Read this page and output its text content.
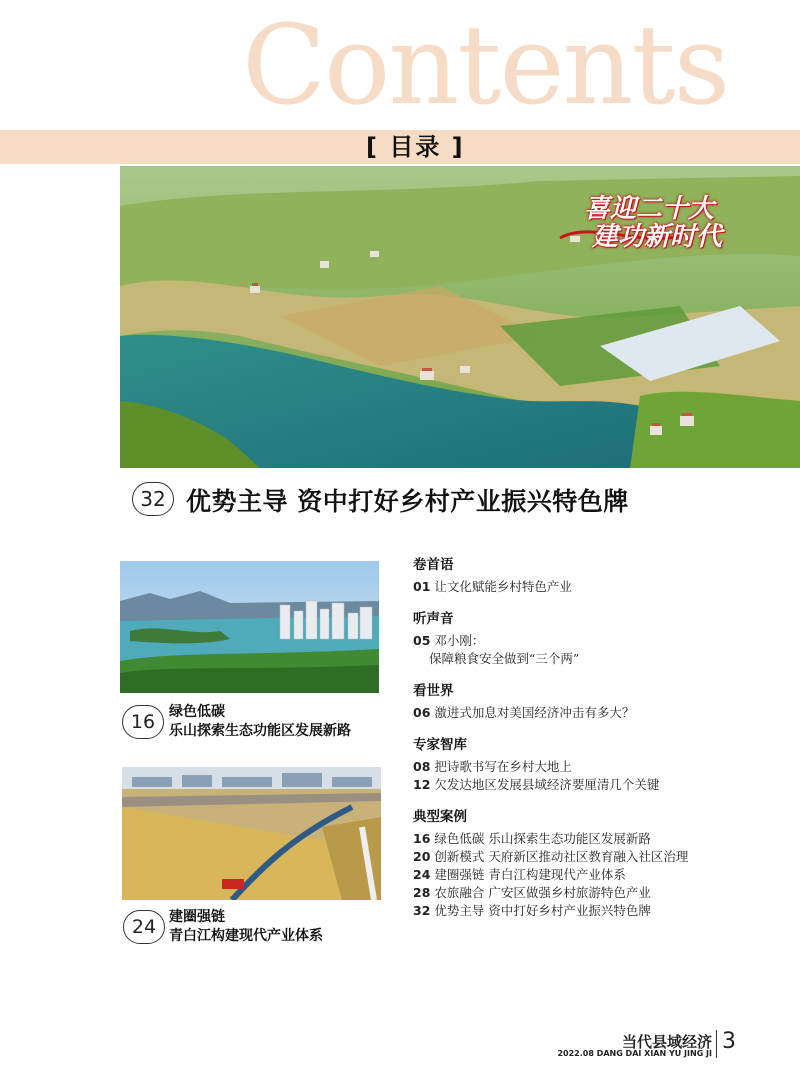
Contents
[ 目录 ]
喜迎二十大
建功新时代
32 优势主导 资中打好乡村产业振兴特色牌
16 绿色低碳
乐山探索生态功能区发展新路
24 建圈强链
青白江构建现代产业体系
卷首语
01 让文化赋能乡村特色产业
听声音
05 邓小刚：
保障粮食安全做到“三个两”
看世界
06 激进式加息对美国经济冲击有多大？
专家智库
08 把诗歌书写在乡村大地上
12 欠发达地区发展县域经济要厘清几个关键
典型案例
16 绿色低碳 乐山探索生态功能区发展新路
20 创新模式 天府新区推动社区教育融入社区治理
24 建圈强链 青白江构建现代产业体系
28 农旅融合 广安区做强乡村旅游特色产业
32 优势主导 资中打好乡村产业振兴特色牌
当代县域经济
2022.08 DANG DAI XIAN YU JING JI 3
